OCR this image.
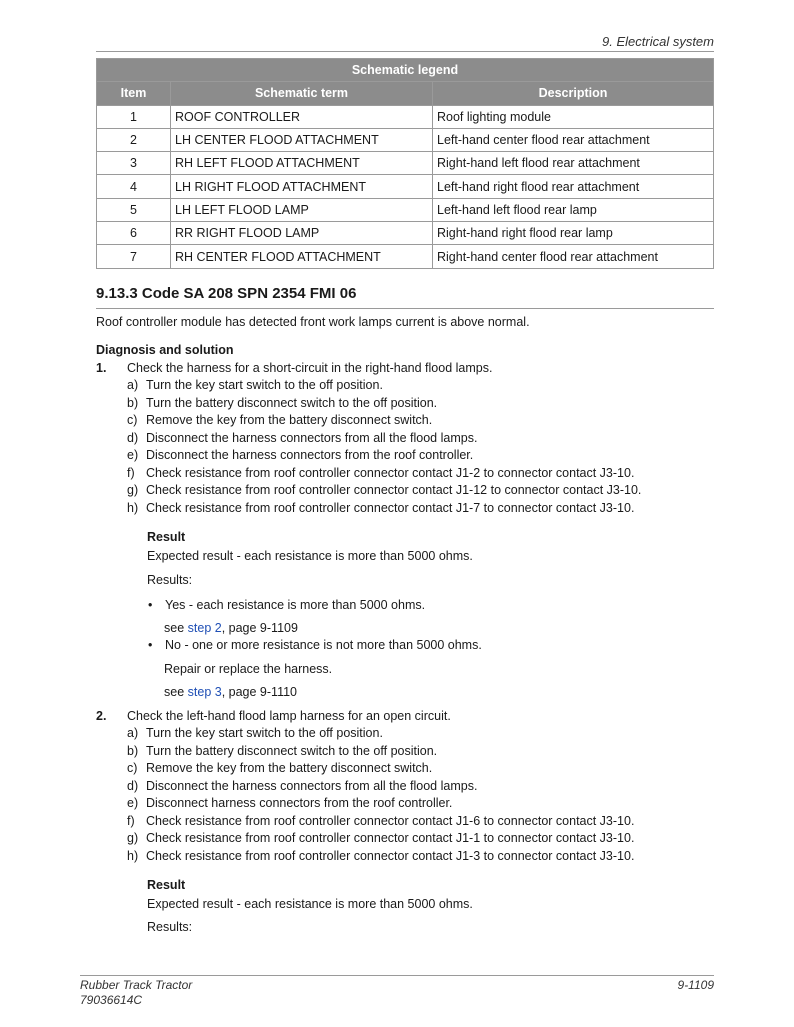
9. Electrical system
Schematic legend		
Item	Schematic term	Description
1	ROOF CONTROLLER	Roof lighting module
2	LH CENTER FLOOD ATTACHMENT	Left-hand center flood rear attachment
3	RH LEFT FLOOD ATTACHMENT	Right-hand left flood rear attachment
4	LH RIGHT FLOOD ATTACHMENT	Left-hand right flood rear attachment
5	LH LEFT FLOOD LAMP	Left-hand left flood rear lamp
6	RR RIGHT FLOOD LAMP	Right-hand right flood rear lamp
7	RH CENTER FLOOD ATTACHMENT	Right-hand center flood rear attachment
9.13.3 Code SA 208 SPN 2354 FMI 06
Roof controller module has detected front work lamps current is above normal.
Diagnosis and solution
1. Check the harness for a short-circuit in the right-hand flood lamps.
a) Turn the key start switch to the off position.
b) Turn the battery disconnect switch to the off position.
c) Remove the key from the battery disconnect switch.
d) Disconnect the harness connectors from all the flood lamps.
e) Disconnect the harness connectors from the roof controller.
f) Check resistance from roof controller connector contact J1-2 to connector contact J3-10.
g) Check resistance from roof controller connector contact J1-12 to connector contact J3-10.
h) Check resistance from roof controller connector contact J1-7 to connector contact J3-10.
Result
Expected result - each resistance is more than 5000 ohms.
Results:
• Yes - each resistance is more than 5000 ohms.
see step 2, page 9-1109
• No - one or more resistance is not more than 5000 ohms.
Repair or replace the harness.
see step 3, page 9-1110
2. Check the left-hand flood lamp harness for an open circuit.
a) Turn the key start switch to the off position.
b) Turn the battery disconnect switch to the off position.
c) Remove the key from the battery disconnect switch.
d) Disconnect the harness connectors from all the flood lamps.
e) Disconnect harness connectors from the roof controller.
f) Check resistance from roof controller connector contact J1-6 to connector contact J3-10.
g) Check resistance from roof controller connector contact J1-1 to connector contact J3-10.
h) Check resistance from roof controller connector contact J1-3 to connector contact J3-10.
Result
Expected result - each resistance is more than 5000 ohms.
Results:
Rubber Track Tractor
79036614C
9-1109
